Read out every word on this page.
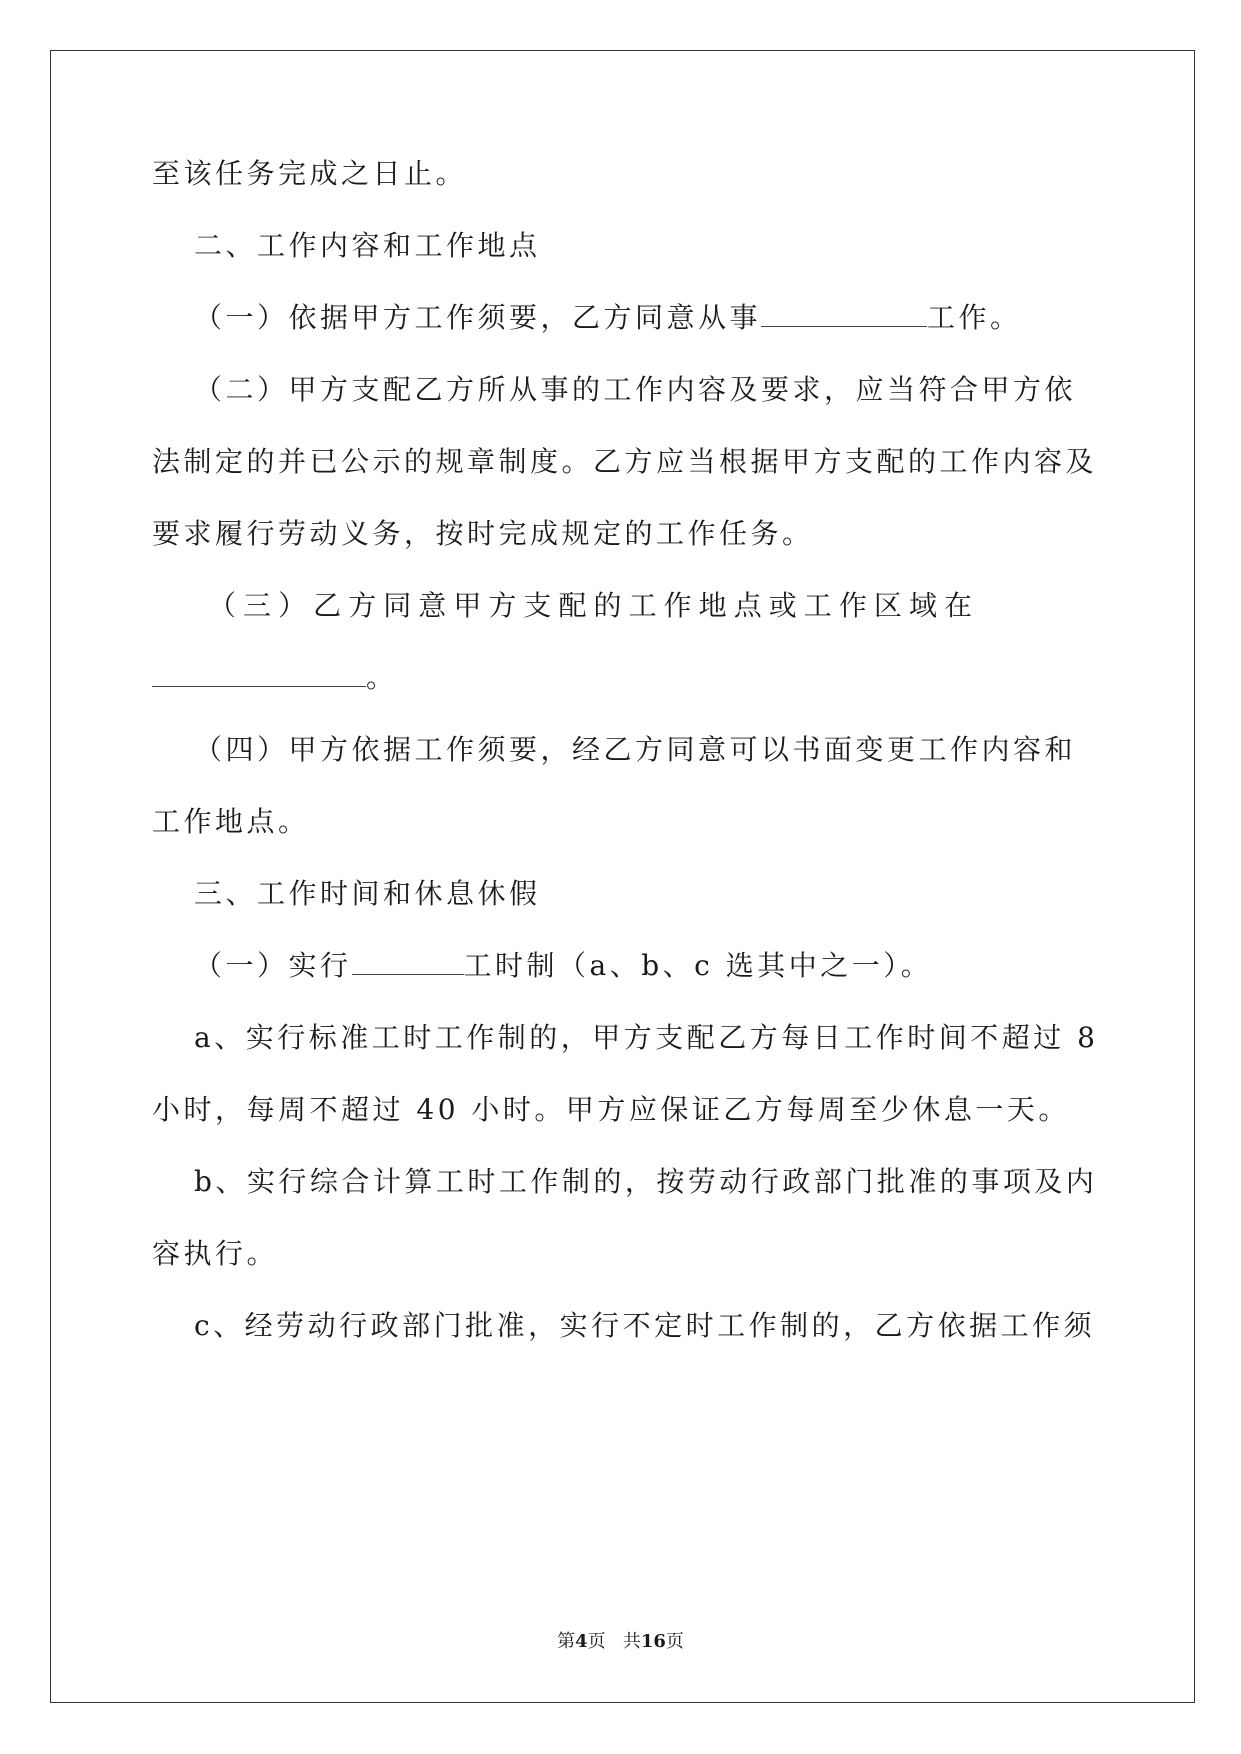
至该任务完成之日止。
二、工作内容和工作地点
（一）依据甲方工作须要，乙方同意从事	工作。
（二）甲方支配乙方所从事的工作内容及要求，应当符合甲方依
法制定的并已公示的规章制度。乙方应当根据甲方支配的工作内容及
要求履行劳动义务，按时完成规定的工作任务。
（ 三 ） 乙 方 同 意 甲 方 支 配 的 工 作 地 点 或 工 作 区 域 在
。
（四）甲方依据工作须要，经乙方同意可以书面变更工作内容和
工作地点。
三、工作时间和休息休假
（一）实行	工时制（a、b、c 选其中之一）。
a、实行标准工时工作制的，甲方支配乙方每日工作时间不超过 8
小时，每周不超过 40 小时。甲方应保证乙方每周至少休息一天。
b、实行综合计算工时工作制的，按劳动行政部门批准的事项及内
容执行。
c、经劳动行政部门批准，实行不定时工作制的，乙方依据工作须
第4页 共16页
